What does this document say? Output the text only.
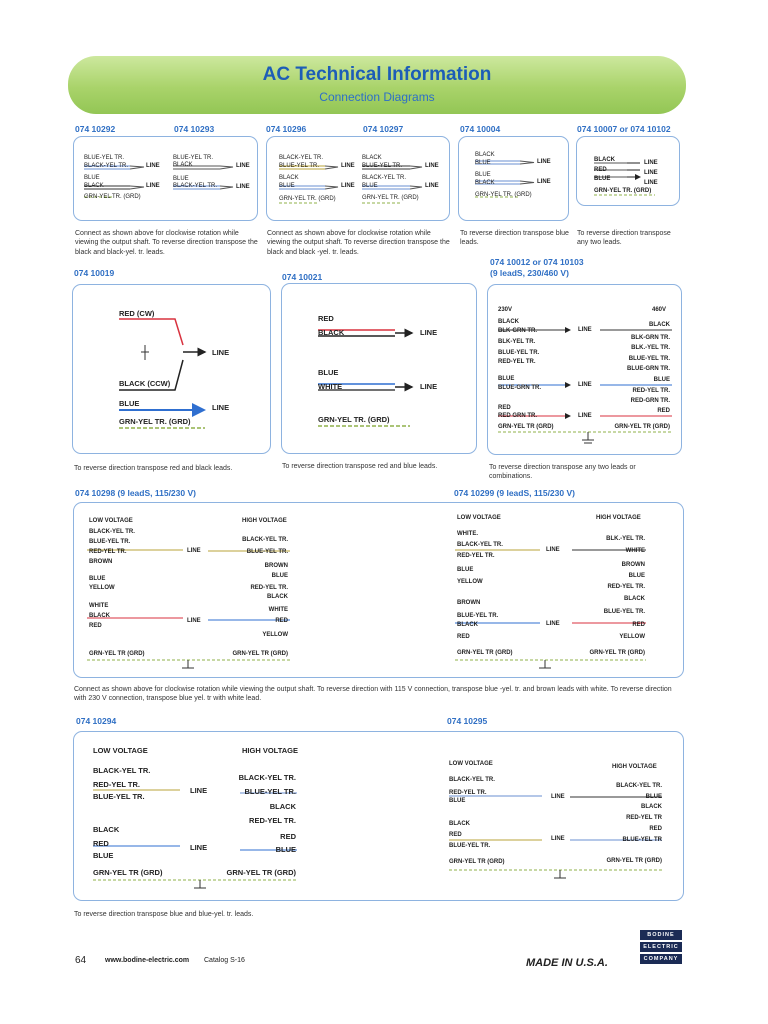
AC Technical Information
Connection Diagrams
074 10292	074 10293	074 10296	074 10297	074 10004	074 10007 or 074 10102
074 10019	074 10021
074 10012 or 074 10103
(9 leadS, 230/460 V)
074 10298 (9 leadS, 115/230 V)	074 10299 (9 leadS, 115/230 V)
074 10294	074 10295
Connect as shown above for clockwise rotation while viewing the output shaft. To reverse direction transpose the black and black-yel. tr. leads.
Connect as shown above for clockwise rotation while viewing the output shaft. To reverse direction transpose the black and black -yel. tr. leads.
To reverse direction transpose blue leads.
To reverse direction transpose any two leads.
To reverse direction transpose red and black leads.	To reverse direction transpose red and blue leads.	To reverse direction transpose any two leads or combinations.
Connect as shown above for clockwise rotation while viewing the output shaft. To reverse direction with 115 V connection, transpose blue -yel. tr. and brown leads with white. To reverse direction with 230 V connection, transpose blue yel. tr with white lead.
To reverse direction transpose blue and blue-yel. tr. leads.
BLUE-YEL TR.
BLACK-YEL TR.
BLUE
BLACK
GRN-YEL TR. (GRD)
LINE
LINE
BLUE-YEL TR.
BLACK
BLUE
BLACK-YEL TR.
LINE
LINE
BLACK-YEL TR.
BLUE-YEL TR.
BLACK
BLUE
GRN-YEL TR. (GRD)
LINE
LINE
BLACK
BLUE-YEL TR.
BLACK-YEL TR.
BLUE
GRN-YEL TR. (GRD)
LINE
LINE
BLACK
BLUE
BLUE
BLACK
GRN-YEL TR. (GRD)
LINE
LINE
BLACK
RED
BLUE
GRN-YEL TR. (GRD)
LINE
LINE
LINE
RED (CW)
BLACK (CCW)
BLUE
GRN-YEL TR. (GRD)
LINE
LINE
RED
BLACK
BLUE
WHITE
GRN-YEL TR. (GRD)
LINE
LINE
230V	460V
BLACK
BLK-GRN TR.
BLK-YEL TR.
BLUE-YEL TR.
RED-YEL TR.
BLUE
BLUE-GRN TR.
RED
RED GRN TR.
GRN-YEL TR (GRD)
LINE
LINE
LINE
BLACK
BLK-GRN TR.
BLK.-YEL TR.
BLUE-YEL TR.
BLUE-GRN TR.
BLUE
RED-YEL TR.
RED-GRN TR.
RED
GRN-YEL TR (GRD)
LOW VOLTAGE	HIGH VOLTAGE
BLACK-YEL TR.
BLUE-YEL TR.
RED-YEL TR.
BROWN
BLUE
YELLOW
WHITE
BLACK
RED
GRN-YEL TR (GRD)
LINE
LINE
BLACK-YEL TR.
BLUE-YEL TR.
BROWN
BLUE
RED-YEL TR.
BLACK
WHITE
RED
YELLOW
GRN-YEL TR (GRD)
LOW VOLTAGE	HIGH VOLTAGE
WHITE.
BLACK-YEL TR.
RED-YEL TR.
BLUE
YELLOW
BROWN
BLUE-YEL TR.
BLACK
RED
GRN-YEL TR (GRD)
LINE
LINE
BLK.-YEL TR.
WHITE
BROWN
BLUE
RED-YEL TR.
BLACK
BLUE-YEL TR.
RED
YELLOW
GRN-YEL TR (GRD)
LOW VOLTAGE	HIGH VOLTAGE
BLACK-YEL TR.
RED-YEL TR.
BLUE-YEL TR.
BLACK
RED
BLUE
GRN-YEL TR (GRD)
LINE
LINE
BLACK-YEL TR.
BLUE-YEL TR.
BLACK
RED-YEL TR.
RED
BLUE
GRN-YEL TR (GRD)
LOW VOLTAGE	HIGH VOLTAGE
BLACK-YEL TR.
RED-YEL TR.
BLUE
BLACK
RED
BLUE-YEL TR.
GRN-YEL TR (GRD)
LINE
LINE
BLACK-YEL TR.
BLUE
BLACK
RED-YEL TR
RED
BLUE-YEL TR
GRN-YEL TR (GRD)
64	www.bodine-electric.com Catalog S-16	MADE IN U.S.A.
BODINE
ELECTRIC
COMPANY
